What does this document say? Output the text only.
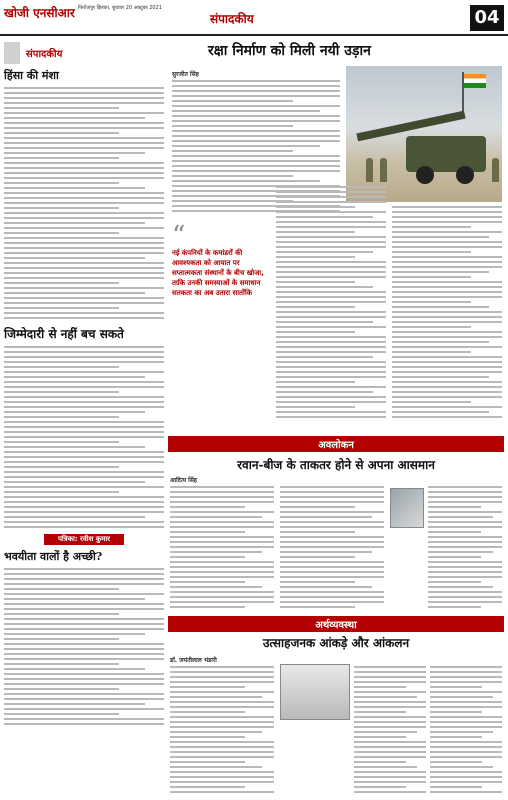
खोजी एनसीआर फिरोजपुर झिरका, बुधवार 20 अक्टूबर 2021
संपादकीय	04
संपादकीय
हिंसा की मंशा
जिम्मेदारी से नहीं बच सकते
पत्रिका: रवीश कुमार
भवयीता वालों है अच्छी?
रक्षा निर्माण को मिली नयी उड़ान
सुरजीत सिंह
“
नई कंपनियों के कमांडरों की आवश्यकता को आयात पर सप्तात्मकता संस्थानों के बीच खोजा, ताकि उनकी समस्याओं के समाधान सतकता का अब उतारा सातोंकि
अवलोकन
रवान-बीज के ताकतर होने से अपना आसमान
आदित्य सिंह
अर्थव्यवस्था
उत्साहजनक आंकड़े और आंकलन
डॉ. जयंतीलाल भंडारी
